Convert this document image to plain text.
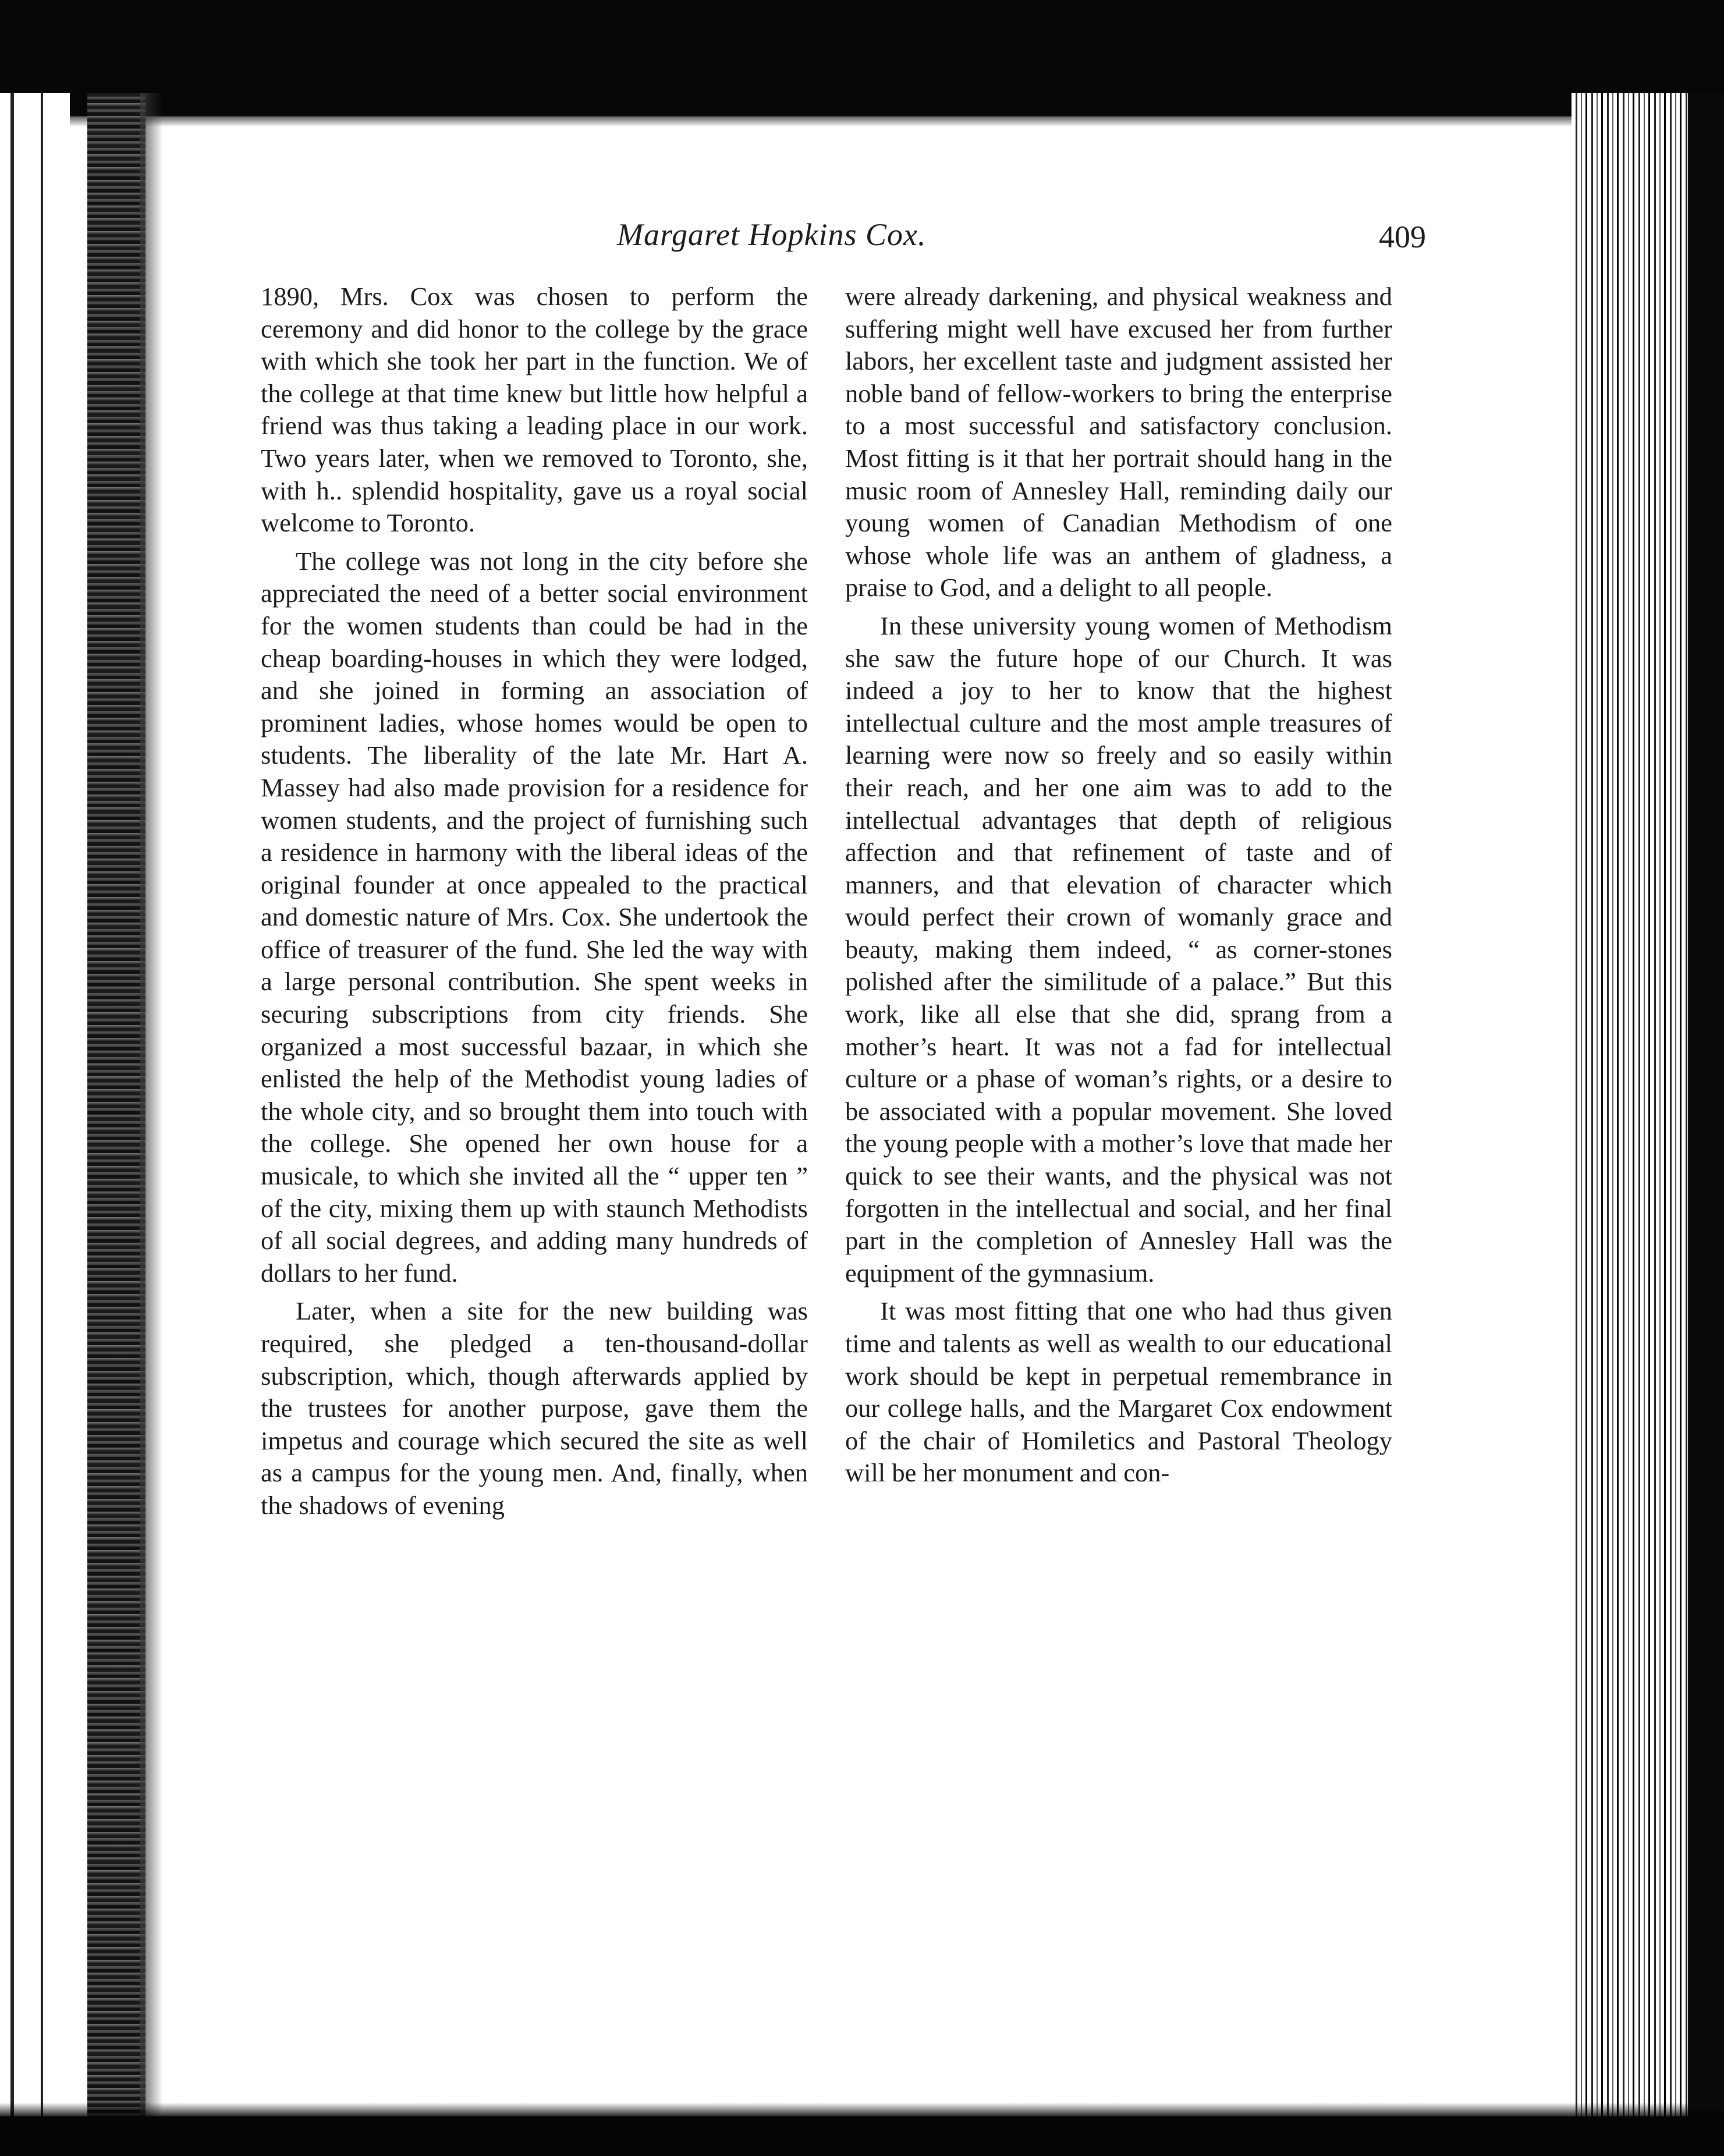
Margaret Hopkins Cox.	409

1890, Mrs. Cox was chosen to perform the ceremony and did honor to the college by the grace with which she took her part in the function. We of the college at that time knew but little how helpful a friend was thus taking a leading place in our work. Two years later, when we removed to Toronto, she, with h.. splendid hospitality, gave us a royal social welcome to Toronto.

The college was not long in the city before she appreciated the need of a better social environment for the women students than could be had in the cheap boarding-houses in which they were lodged, and she joined in forming an association of prominent ladies, whose homes would be open to students. The liberality of the late Mr. Hart A. Massey had also made provision for a residence for women students, and the project of furnishing such a residence in harmony with the liberal ideas of the original founder at once appealed to the practical and domestic nature of Mrs. Cox. She undertook the office of treasurer of the fund. She led the way with a large personal contribution. She spent weeks in securing subscriptions from city friends. She organized a most successful bazaar, in which she enlisted the help of the Methodist young ladies of the whole city, and so brought them into touch with the college. She opened her own house for a musicale, to which she invited all the “ upper ten ” of the city, mixing them up with staunch Methodists of all social degrees, and adding many hundreds of dollars to her fund.

Later, when a site for the new building was required, she pledged a ten-thousand-dollar subscription, which, though afterwards applied by the trustees for another purpose, gave them the impetus and courage which secured the site as well as a campus for the young men. And, finally, when the shadows of evening

were already darkening, and physical weakness and suffering might well have excused her from further labors, her excellent taste and judgment assisted her noble band of fellow-workers to bring the enterprise to a most successful and satisfactory conclusion. Most fitting is it that her portrait should hang in the music room of Annesley Hall, reminding daily our young women of Canadian Methodism of one whose whole life was an anthem of gladness, a praise to God, and a delight to all people.

In these university young women of Methodism she saw the future hope of our Church. It was indeed a joy to her to know that the highest intellectual culture and the most ample treasures of learning were now so freely and so easily within their reach, and her one aim was to add to the intellectual advantages that depth of religious affection and that refinement of taste and of manners, and that elevation of character which would perfect their crown of womanly grace and beauty, making them indeed, “ as corner-stones polished after the similitude of a palace.” But this work, like all else that she did, sprang from a mother’s heart. It was not a fad for intellectual culture or a phase of woman’s rights, or a desire to be associated with a popular movement. She loved the young people with a mother’s love that made her quick to see their wants, and the physical was not forgotten in the intellectual and social, and her final part in the completion of Annesley Hall was the equipment of the gymnasium.

It was most fitting that one who had thus given time and talents as well as wealth to our educational work should be kept in perpetual remembrance in our college halls, and the Margaret Cox endowment of the chair of Homiletics and Pastoral Theology will be her monument and con-
